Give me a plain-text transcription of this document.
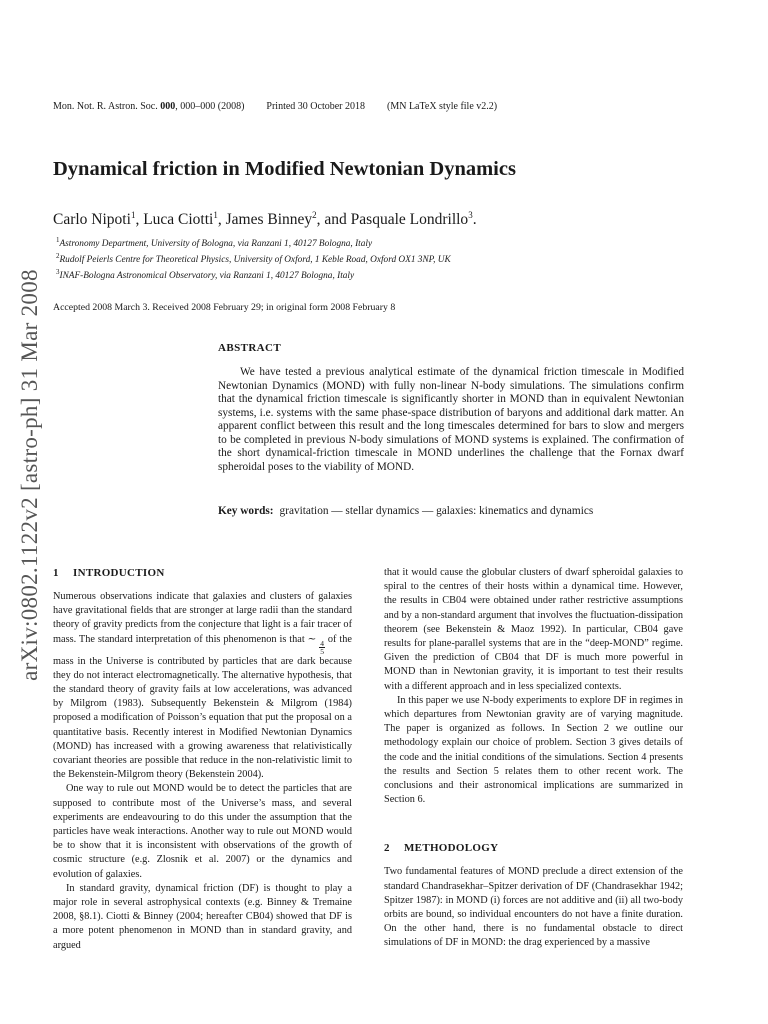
arXiv:0802.1122v2 [astro-ph] 31 Mar 2008
Mon. Not. R. Astron. Soc. 000, 000–000 (2008) Printed 30 October 2018 (MN LaTeX style file v2.2)
Dynamical friction in Modified Newtonian Dynamics
Carlo Nipoti$^1$, Luca Ciotti$^1$, James Binney$^2$, and Pasquale Londrillo$^3$.
$^1$Astronomy Department, University of Bologna, via Ranzani 1, 40127 Bologna, Italy
$^2$Rudolf Peierls Centre for Theoretical Physics, University of Oxford, 1 Keble Road, Oxford OX1 3NP, UK
$^3$INAF-Bologna Astronomical Observatory, via Ranzani 1, 40127 Bologna, Italy
Accepted 2008 March 3. Received 2008 February 29; in original form 2008 February 8
ABSTRACT

We have tested a previous analytical estimate of the dynamical friction timescale in Modified Newtonian Dynamics (MOND) with fully non-linear N-body simulations. The simulations confirm that the dynamical friction timescale is significantly shorter in MOND than in equivalent Newtonian systems, i.e. systems with the same phase-space distribution of baryons and additional dark matter. An apparent conflict between this result and the long timescales determined for bars to slow and mergers to be completed in previous N-body simulations of MOND systems is explained. The confirmation of the short dynamical-friction timescale in MOND underlines the challenge that the Fornax dwarf spheroidal poses to the viability of MOND.

Key words: gravitation — stellar dynamics — galaxies: kinematics and dynamics
1 INTRODUCTION

Numerous observations indicate that galaxies and clusters of galaxies have gravitational fields that are stronger at large radii than the standard theory of gravity predicts from the conjecture that light is a fair tracer of mass. The standard interpretation of this phenomenon is that ∼
$\frac{4}{5}$
of the mass in the Universe is contributed by particles that are dark because they do not interact electromagnetically. The alternative hypothesis, that the standard theory of gravity fails at low accelerations, was advanced by Milgrom (1983). Subsequently Bekenstein & Milgrom (1984) proposed a modification of Poisson’s equation that put the proposal on a quantitative basis. Recently interest in Modified Newtonian Dynamics (MOND) has increased with a growing awareness that relativistically covariant theories are possible that reduce in the non-relativistic limit to the Bekenstein-Milgrom theory (Bekenstein 2004).

One way to rule out MOND would be to detect the particles that are supposed to contribute most of the Universe’s mass, and several experiments are endeavouring to do this under the assumption that the particles have weak interactions. Another way to rule out MOND would be to show that it is inconsistent with observations of the growth of cosmic structure (e.g. Zlosnik et al. 2007) or the dynamics and evolution of galaxies.

In standard gravity, dynamical friction (DF) is thought to play a major role in several astrophysical contexts (e.g. Binney & Tremaine 2008, §8.1). Ciotti & Binney (2004; hereafter CB04) showed that DF is a more potent phenomenon in MOND than in standard gravity, and argued

that it would cause the globular clusters of dwarf spheroidal galaxies to spiral to the centres of their hosts within a dynamical time. However, the results in CB04 were obtained under rather restrictive assumptions and by a non-standard argument that involves the fluctuation-dissipation theorem (see Bekenstein & Maoz 1992). In particular, CB04 gave results for plane-parallel systems that are in the “deep-MOND” regime. Given the prediction of CB04 that DF is much more powerful in MOND than in Newtonian gravity, it is important to test their results with a different approach and in less specialized contexts.

In this paper we use N-body experiments to explore DF in regimes in which departures from Newtonian gravity are of varying magnitude. The paper is organized as follows. In Section 2 we outline our methodology explain our choice of problem. Section 3 gives details of the code and the initial conditions of the simulations. Section 4 presents the results and Section 5 relates them to other recent work. The conclusions and their astronomical implications are summarized in Section 6.

2 METHODOLOGY

Two fundamental features of MOND preclude a direct extension of the standard Chandrasekhar–Spitzer derivation of DF (Chandrasekhar 1942; Spitzer 1987): in MOND (i) forces are not additive and (ii) all two-body orbits are bound, so individual encounters do not have a finite duration. On the other hand, there is no fundamental obstacle to direct simulations of DF in MOND: the drag experienced by a massive
